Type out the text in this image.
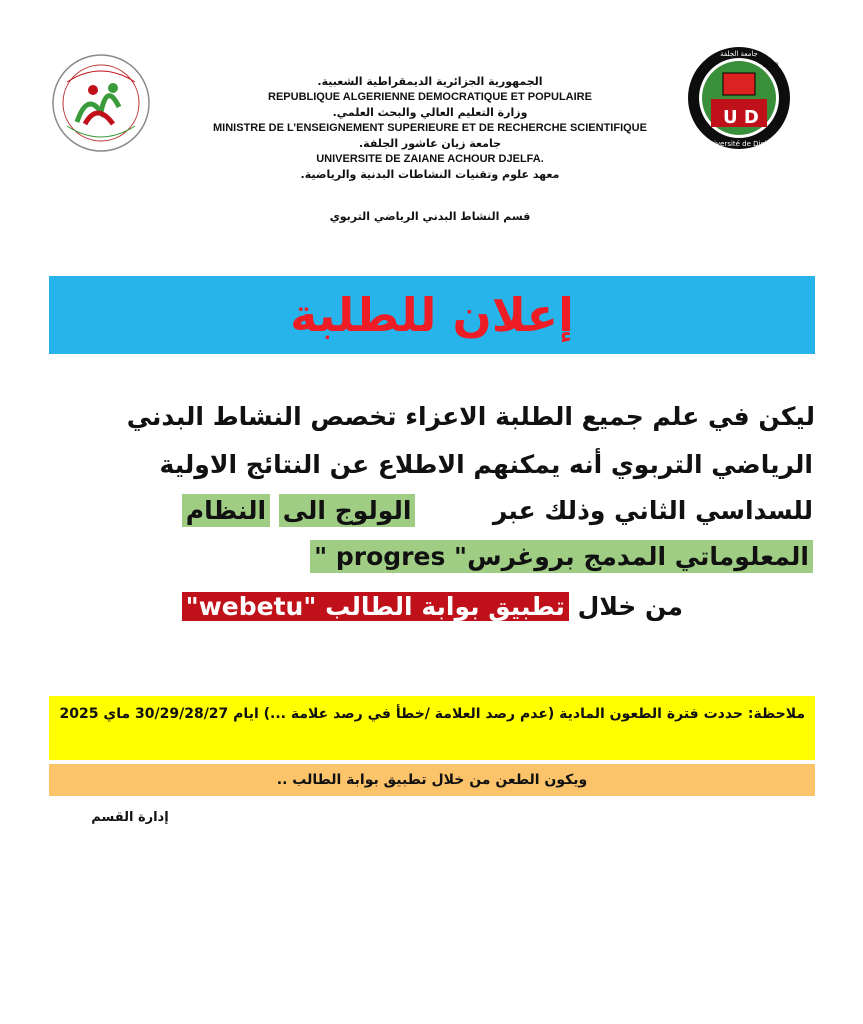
U D
جامعة الجلفة
Université de Djelfa
2000
الجمهورية الجزائرية الديمقراطية الشعبية.
REPUBLIQUE ALGERIENNE DEMOCRATIQUE ET POPULAIRE
وزارة التعليم العالي والبحث العلمي.
MINISTRE DE L’ENSEIGNEMENT SUPERIEURE ET DE RECHERCHE SCIENTIFIQUE
جامعة زيان عاشور الجلفة.
UNIVERSITE DE ZAIANE ACHOUR DJELFA.
معهد علوم وتقنيات النشاطات البدنية والرياضية.
قسم النشاط البدني الرياضي التربوي
إعلان للطلبة
ليكن في علم جميع الطلبة الاعزاء تخصص النشاط البدني
الرياضي التربوي أنه يمكنهم الاطلاع عن النتائج الاولية
للسداسي الثاني وذلك عبر  الولوج الى النظام
المعلوماتي المدمج بروغرس" progres "
من خلال تطبيق بوابة الطالب "webetu"
ملاحظة: حددت فترة الطعون المادية (عدم رصد العلامة /خطأ في رصد علامة ...) ايام 30/29/28/27 ماي 2025
ويكون الطعن من خلال تطبيق بوابة الطالب ..
إدارة القسم
